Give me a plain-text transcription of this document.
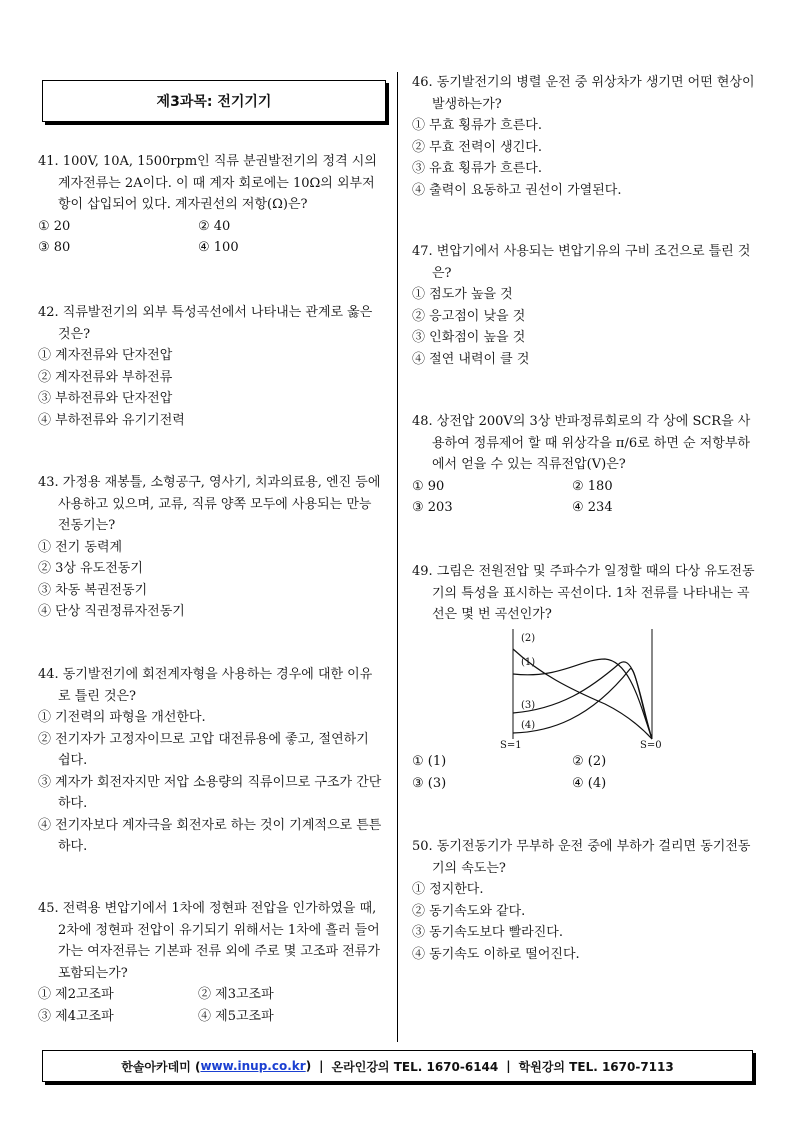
제3과목: 전기기기
41. 100V, 10A, 1500rpm인 직류 분권발전기의 정격 시의 계자전류는 2A이다. 이 때 계자 회로에는 10Ω의 외부저항이 삽입되어 있다. 계자권선의 저항(Ω)은?
① 20	② 40
③ 80	④ 100
42. 직류발전기의 외부 특성곡선에서 나타내는 관계로 옳은 것은?
① 계자전류와 단자전압
② 계자전류와 부하전류
③ 부하전류와 단자전압
④ 부하전류와 유기기전력
43. 가정용 재봉틀, 소형공구, 영사기, 치과의료용, 엔진 등에 사용하고 있으며, 교류, 직류 양쪽 모두에 사용되는 만능전동기는?
① 전기 동력계
② 3상 유도전동기
③ 차동 복권전동기
④ 단상 직권정류자전동기
44. 동기발전기에 회전계자형을 사용하는 경우에 대한 이유로 틀린 것은?
① 기전력의 파형을 개선한다.
② 전기자가 고정자이므로 고압 대전류용에 좋고, 절연하기 쉽다.
③ 계자가 회전자지만 저압 소용량의 직류이므로 구조가 간단하다.
④ 전기자보다 계자극을 회전자로 하는 것이 기계적으로 튼튼하다.
45. 전력용 변압기에서 1차에 정현파 전압을 인가하였을 때, 2차에 정현파 전압이 유기되기 위해서는 1차에 흘러 들어가는 여자전류는 기본파 전류 외에 주로 몇 고조파 전류가 포함되는가?
① 제2고조파	② 제3고조파
③ 제4고조파	④ 제5고조파
46. 동기발전기의 병렬 운전 중 위상차가 생기면 어떤 현상이 발생하는가?
① 무효 횡류가 흐른다.
② 무효 전력이 생긴다.
③ 유효 횡류가 흐른다.
④ 출력이 요동하고 권선이 가열된다.
47. 변압기에서 사용되는 변압기유의 구비 조건으로 틀린 것은?
① 점도가 높을 것
② 응고점이 낮을 것
③ 인화점이 높을 것
④ 절연 내력이 클 것
48. 상전압 200V의 3상 반파정류회로의 각 상에 SCR을 사용하여 정류제어 할 때 위상각을 π/6로 하면 순 저항부하에서 얻을 수 있는 직류전압(V)은?
① 90	② 180
③ 203	④ 234
49. 그림은 전원전압 및 주파수가 일정할 때의 다상 유도전동기의 특성을 표시하는 곡선이다. 1차 전류를 나타내는 곡선은 몇 번 곡선인가?
(2)
(1)
(3)
(4)
S=1	S=0
① (1)	② (2)
③ (3)	④ (4)
50. 동기전동기가 무부하 운전 중에 부하가 걸리면 동기전동기의 속도는?
① 정지한다.
② 동기속도와 같다.
③ 동기속도보다 빨라진다.
④ 동기속도 이하로 떨어진다.
한솔아카데미 ( www.inup.co.kr ) | 온라인강의 TEL. 1670-6144 | 학원강의 TEL. 1670-7113
